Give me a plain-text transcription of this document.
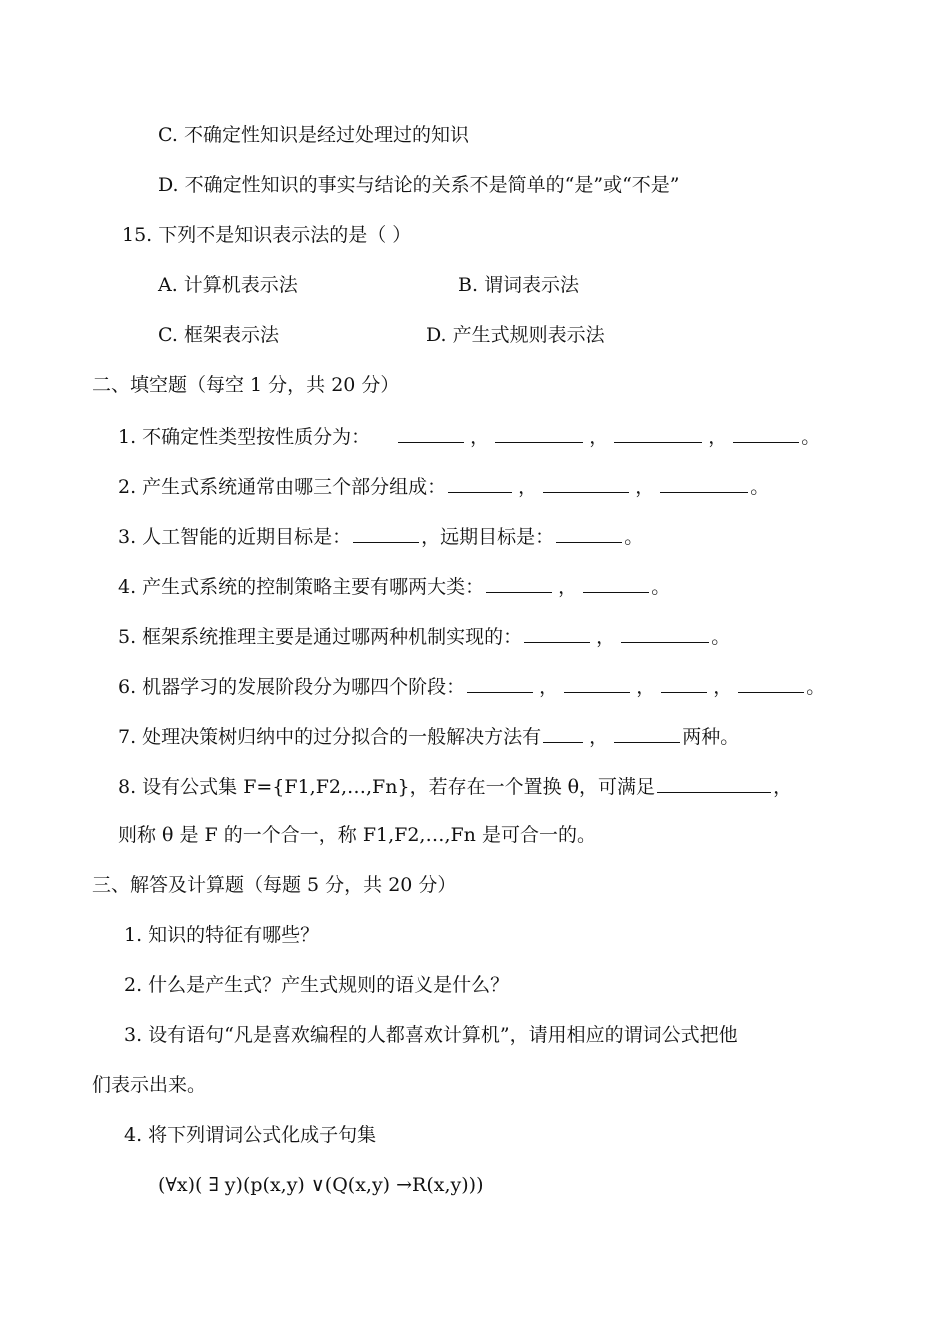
C. 不确定性知识是经过处理过的知识
D. 不确定性知识的事实与结论的关系不是简单的“是”或“不是”
15. 下列不是知识表示法的是（ ）
A. 计算机表示法	B. 谓词表示法
C. 框架表示法	D. 产生式规则表示法
二、填空题（每空 1 分，共 20 分）
1. 不确定性类型按性质分为：	，	，	，	。
2. 产生式系统通常由哪三个部分组成：	，	，	。
3. 人工智能的近期目标是：	，远期目标是：	。
4. 产生式系统的控制策略主要有哪两大类：	，	。
5. 框架系统推理主要是通过哪两种机制实现的：	，	。
6. 机器学习的发展阶段分为哪四个阶段：	，	，	，	。
7. 处理决策树归纳中的过分拟合的一般解决方法有	，	两种。
8. 设有公式集 F={F1,F2,…,Fn}，若存在一个置换 θ，可满足	，
则称 θ 是 F 的一个合一，称 F1,F2,…,Fn 是可合一的。
三、解答及计算题（每题 5 分，共 20 分）
1. 知识的特征有哪些？
2. 什么是产生式？产生式规则的语义是什么？
3. 设有语句“凡是喜欢编程的人都喜欢计算机”，请用相应的谓词公式把他
们表示出来。
4. 将下列谓词公式化成子句集
(∀x)( ∃ y)(p(x,y) ∨(Q(x,y) →R(x,y)))
